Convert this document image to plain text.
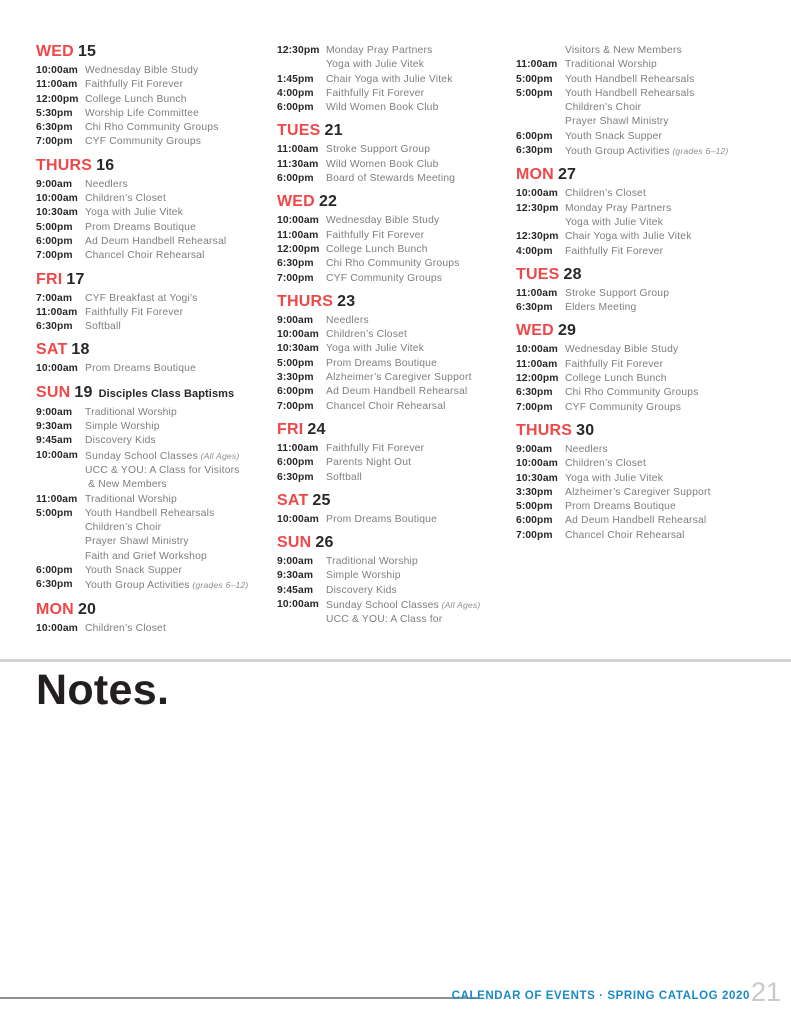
WED 15
10:00am Wednesday Bible Study
11:00am Faithfully Fit Forever
12:00pm College Lunch Bunch
5:30pm	Worship Life Committee
6:30pm	Chi Rho Community Groups
7:00pm	CYF Community Groups
THURS 16
9:00am	Needlers
10:00am Children’s Closet
10:30am Yoga with Julie Vitek
5:00pm	Prom Dreams Boutique
6:00pm	Ad Deum Handbell Rehearsal
7:00pm	Chancel Choir Rehearsal
FRI 17
7:00am	CYF Breakfast at Yogi’s
11:00am Faithfully Fit Forever
6:30pm	Softball
SAT 18
10:00am Prom Dreams Boutique
SUN 19 Disciples Class Baptisms
9:00am	Traditional Worship
9:30am	Simple Worship
9:45am	Discovery Kids
10:00am Sunday School Classes (All Ages)
UCC & YOU: A Class for Visitors
& New Members
11:00am Traditional Worship
5:00pm	Youth Handbell Rehearsals
Children’s Choir
Prayer Shawl Ministry
Faith and Grief Workshop
6:00pm	Youth Snack Supper
6:30pm	Youth Group Activities (grades 6–12)
MON 20
10:00am Children’s Closet
12:30pm Monday Pray Partners
Yoga with Julie Vitek
1:45pm	Chair Yoga with Julie Vitek
4:00pm	Faithfully Fit Forever
6:00pm	Wild Women Book Club
TUES 21
11:00am Stroke Support Group
11:30am Wild Women Book Club
6:00pm	Board of Stewards Meeting
WED 22
10:00am Wednesday Bible Study
11:00am Faithfully Fit Forever
12:00pm College Lunch Bunch
6:30pm	Chi Rho Community Groups
7:00pm	CYF Community Groups
THURS 23
9:00am	Needlers
10:00am Children’s Closet
10:30am Yoga with Julie Vitek
5:00pm	Prom Dreams Boutique
3:30pm	Alzheimer’s Caregiver Support
6:00pm	Ad Deum Handbell Rehearsal
7:00pm	Chancel Choir Rehearsal
FRI 24
11:00am Faithfully Fit Forever
6:00pm	Parents Night Out
6:30pm	Softball
SAT 25
10:00am Prom Dreams Boutique
SUN 26
9:00am	Traditional Worship
9:30am	Simple Worship
9:45am	Discovery Kids
10:00am Sunday School Classes (All Ages)
UCC & YOU: A Class for
Visitors & New Members
11:00am Traditional Worship
5:00pm	Youth Handbell Rehearsals
5:00pm	Youth Handbell Rehearsals
Children’s Choir
Prayer Shawl Ministry
6:00pm	Youth Snack Supper
6:30pm	Youth Group Activities (grades 6–12)
MON 27
10:00am Children’s Closet
12:30pm Monday Pray Partners
Yoga with Julie Vitek
12:30pm Chair Yoga with Julie Vitek
4:00pm	Faithfully Fit Forever
TUES 28
11:00am Stroke Support Group
6:30pm	Elders Meeting
WED 29
10:00am Wednesday Bible Study
11:00am Faithfully Fit Forever
12:00pm College Lunch Bunch
6:30pm	Chi Rho Community Groups
7:00pm	CYF Community Groups
THURS 30
9:00am	Needlers
10:00am Children’s Closet
10:30am Yoga with Julie Vitek
3:30pm	Alzheimer’s Caregiver Support
5:00pm	Prom Dreams Boutique
6:00pm	Ad Deum Handbell Rehearsal
7:00pm	Chancel Choir Rehearsal
Notes.
CALENDAR OF EVENTS · SPRING CATALOG 2020 21
